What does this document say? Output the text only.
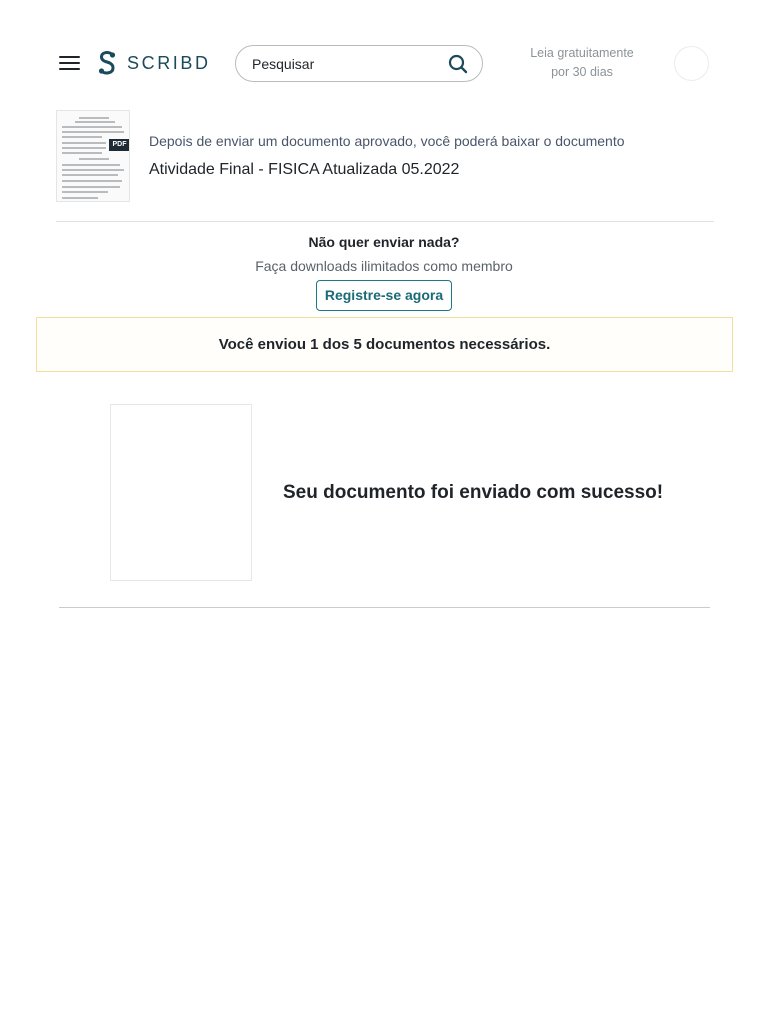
SCRIBD
Pesquisar	Leia gratuitamente
por 30 dias
PDF Depois de enviar um documento aprovado, você poderá baixar o documento
Atividade Final - FISICA Atualizada 05.2022
Não quer enviar nada?
Faça downloads ilimitados como membro
Registre-se agora
Você enviou 1 dos 5 documentos necessários.
Seu documento foi enviado com sucesso!
